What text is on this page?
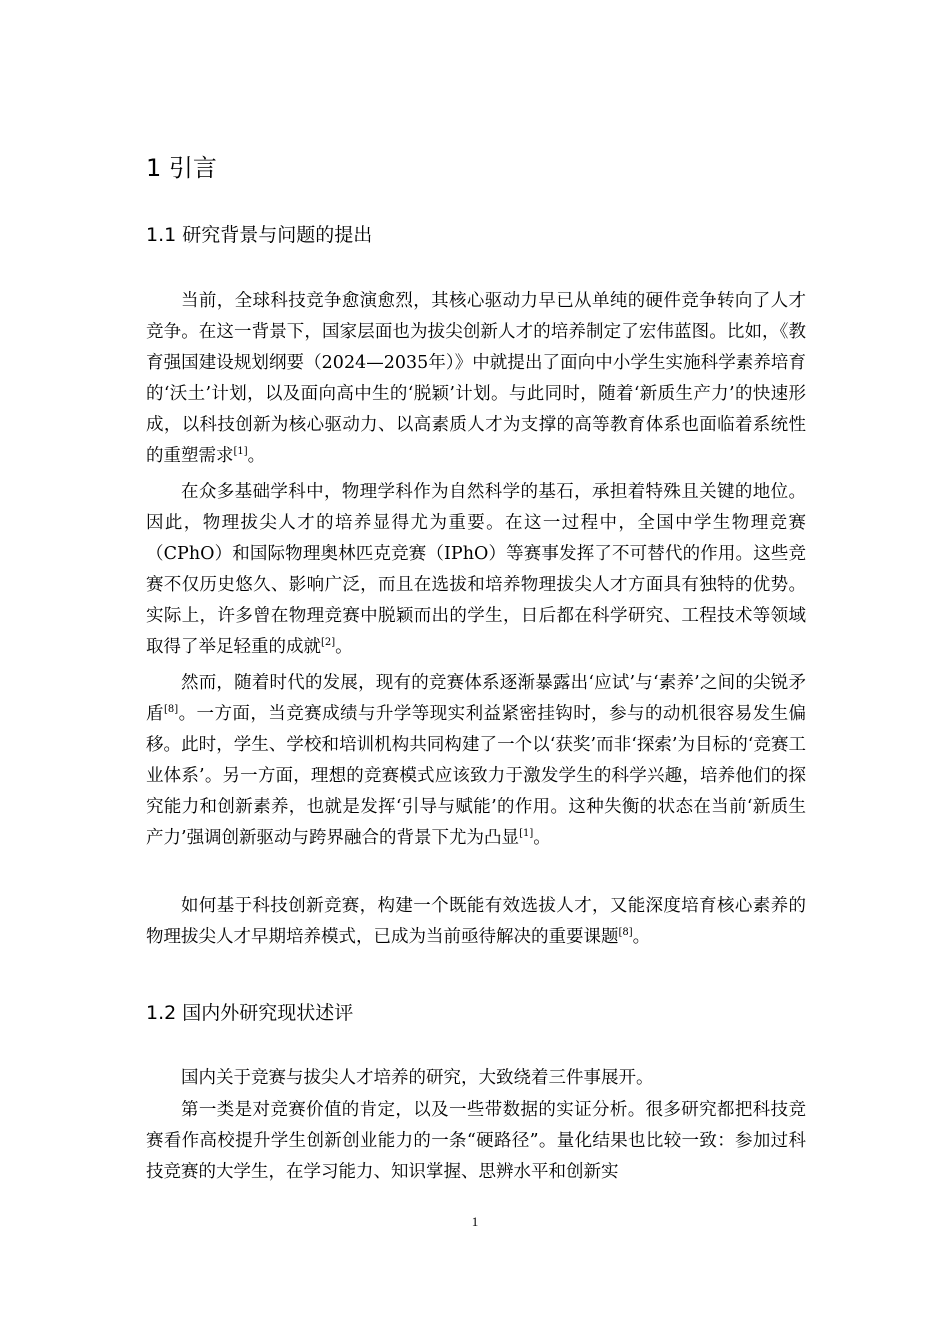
1 引言
1.1 研究背景与问题的提出

当前，全球科技竞争愈演愈烈，其核心驱动力早已从单纯的硬件竞争转向了人才竞争。在这一背景下，国家层面也为拔尖创新人才的培养制定了宏伟蓝图。比如，《教育强国建设规划纲要（2024—2035年）》中就提出了面向中小学生实施科学素养培育的‘沃土’计划，以及面向高中生的‘脱颖’计划。与此同时，随着‘新质生产力’的快速形成，以科技创新为核心驱动力、以高素质人才为支撑的高等教育体系也面临着系统性的重塑需求[1]。

在众多基础学科中，物理学科作为自然科学的基石，承担着特殊且关键的地位。因此，物理拔尖人才的培养显得尤为重要。在这一过程中，全国中学生物理竞赛（CPhO）和国际物理奥林匹克竞赛（IPhO）等赛事发挥了不可替代的作用。这些竞赛不仅历史悠久、影响广泛，而且在选拔和培养物理拔尖人才方面具有独特的优势。实际上，许多曾在物理竞赛中脱颖而出的学生，日后都在科学研究、工程技术等领域取得了举足轻重的成就[2]。

然而，随着时代的发展，现有的竞赛体系逐渐暴露出‘应试’与‘素养’之间的尖锐矛盾[8]。一方面，当竞赛成绩与升学等现实利益紧密挂钩时，参与的动机很容易发生偏移。此时，学生、学校和培训机构共同构建了一个以‘获奖’而非‘探索’为目标的‘竞赛工业体系’。另一方面，理想的竞赛模式应该致力于激发学生的科学兴趣，培养他们的探究能力和创新素养，也就是发挥‘引导与赋能’的作用。这种失衡的状态在当前‘新质生产力’强调创新驱动与跨界融合的背景下尤为凸显[1]。

如何基于科技创新竞赛，构建一个既能有效选拔人才，又能深度培育核心素养的物理拔尖人才早期培养模式，已成为当前亟待解决的重要课题[8]。

1.2 国内外研究现状述评

国内关于竞赛与拔尖人才培养的研究，大致绕着三件事展开。

第一类是对竞赛价值的肯定，以及一些带数据的实证分析。很多研究都把科技竞赛看作高校提升学生创新创业能力的一条“硬路径”。量化结果也比较一致：参加过科技竞赛的大学生，在学习能力、知识掌握、思辨水平和创新实

1
